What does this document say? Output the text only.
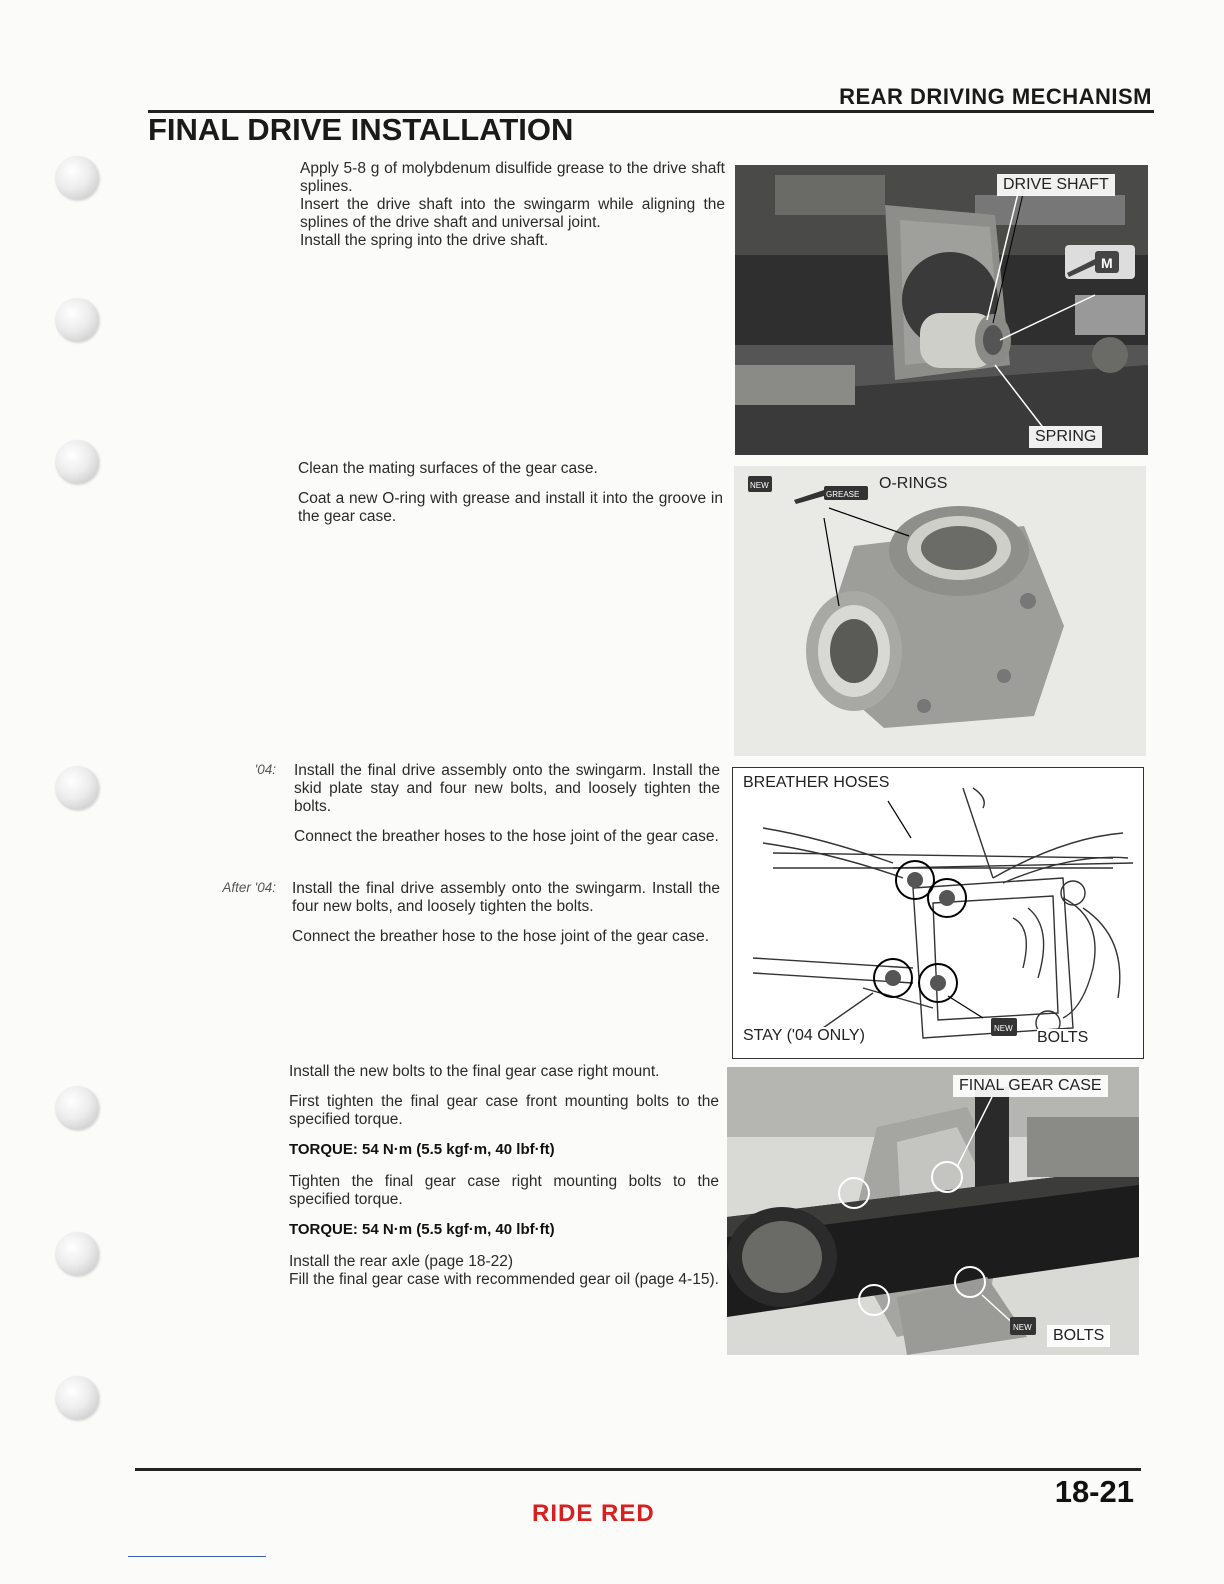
REAR DRIVING MECHANISM
FINAL DRIVE INSTALLATION

Apply 5-8 g of molybdenum disulfide grease to the drive shaft splines.

Insert the drive shaft into the swingarm while aligning the splines of the drive shaft and universal joint.

Install the spring into the drive shaft.

M
DRIVE SHAFT
SPRING

Clean the mating surfaces of the gear case.

Coat a new O-ring with grease and install it into the groove in the gear case.

NEW
GREASE
O-RINGS
'04:
After '04:

Install the final drive assembly onto the swingarm. Install the skid plate stay and four new bolts, and loosely tighten the bolts.

Connect the breather hoses to the hose joint of the gear case.

Install the final drive assembly onto the swingarm. Install the four new bolts, and loosely tighten the bolts.

Connect the breather hose to the hose joint of the gear case.

NEW
BREATHER HOSES
STAY ('04 ONLY)	BOLTS

Install the new bolts to the final gear case right mount.

First tighten the final gear case front mounting bolts to the specified torque.

TORQUE: 54 N·m (5.5 kgf·m, 40 lbf·ft)

Tighten the final gear case right mounting bolts to the specified torque.

TORQUE: 54 N·m (5.5 kgf·m, 40 lbf·ft)

Install the rear axle (page 18-22)

Fill the final gear case with recommended gear oil (page 4-15).

NEW
FINAL GEAR CASE
BOLTS
18-21
RIDE RED
